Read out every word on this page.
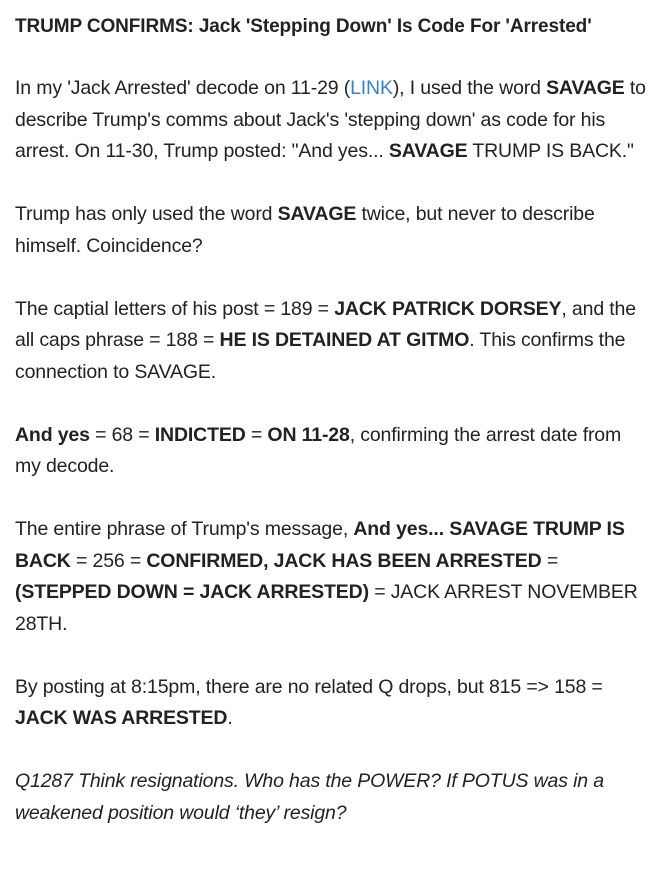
TRUMP CONFIRMS: Jack 'Stepping Down' Is Code For 'Arrested'
In my 'Jack Arrested' decode on 11-29 (LINK), I used the word SAVAGE to describe Trump's comms about Jack's 'stepping down' as code for his arrest. On 11-30, Trump posted: "And yes... SAVAGE TRUMP IS BACK."
Trump has only used the word SAVAGE twice, but never to describe himself. Coincidence?
The captial letters of his post = 189 = JACK PATRICK DORSEY, and the all caps phrase = 188 = HE IS DETAINED AT GITMO. This confirms the connection to SAVAGE.
And yes = 68 = INDICTED = ON 11-28, confirming the arrest date from my decode.
The entire phrase of Trump's message, And yes... SAVAGE TRUMP IS BACK = 256 = CONFIRMED, JACK HAS BEEN ARRESTED = (STEPPED DOWN = JACK ARRESTED) = JACK ARREST NOVEMBER 28TH.
By posting at 8:15pm, there are no related Q drops, but 815 => 158 = JACK WAS ARRESTED.
Q1287 Think resignations. Who has the POWER? If POTUS was in a weakened position would ‘they’ resign?
